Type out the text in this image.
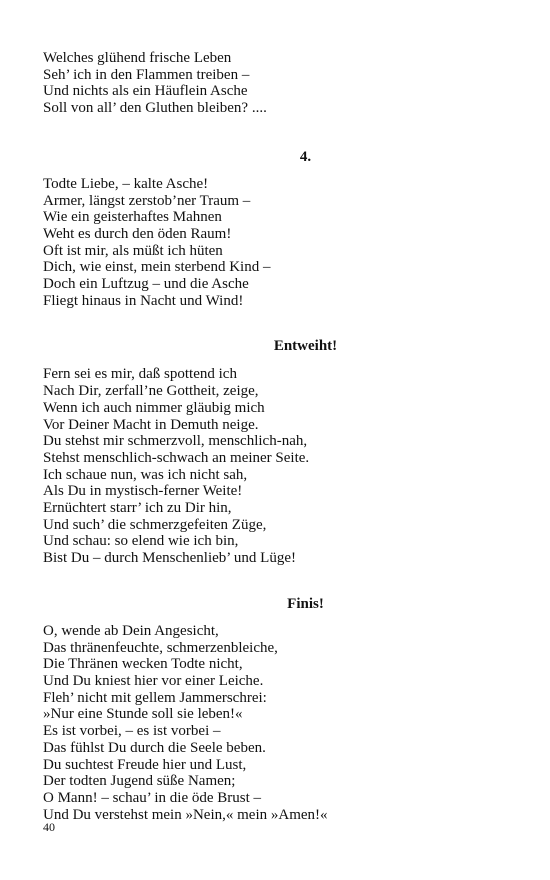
Welches glühend frische Leben
Seh’ ich in den Flammen treiben –
Und nichts als ein Häuflein Asche
Soll von all’ den Gluthen bleiben? ....
4.
Todte Liebe, – kalte Asche!
Armer, längst zerstob’ner Traum –
Wie ein geisterhaftes Mahnen
Weht es durch den öden Raum!
Oft ist mir, als müßt ich hüten
Dich, wie einst, mein sterbend Kind –
Doch ein Luftzug – und die Asche
Fliegt hinaus in Nacht und Wind!
Entweiht!
Fern sei es mir, daß spottend ich
Nach Dir, zerfall’ne Gottheit, zeige,
Wenn ich auch nimmer gläubig mich
Vor Deiner Macht in Demuth neige.
Du stehst mir schmerzvoll, menschlich-nah,
Stehst menschlich-schwach an meiner Seite.
Ich schaue nun, was ich nicht sah,
Als Du in mystisch-ferner Weite!
Ernüchtert starr’ ich zu Dir hin,
Und such’ die schmerzgefeiten Züge,
Und schau: so elend wie ich bin,
Bist Du – durch Menschenlieb’ und Lüge!
Finis!
O, wende ab Dein Angesicht,
Das thränenfeuchte, schmerzenbleiche,
Die Thränen wecken Todte nicht,
Und Du kniest hier vor einer Leiche.
Fleh’ nicht mit gellem Jammerschrei:
»Nur eine Stunde soll sie leben!«
Es ist vorbei, – es ist vorbei –
Das fühlst Du durch die Seele beben.
Du suchtest Freude hier und Lust,
Der todten Jugend süße Namen;
O Mann! – schau’ in die öde Brust –
Und Du verstehst mein »Nein,« mein »Amen!«
40
